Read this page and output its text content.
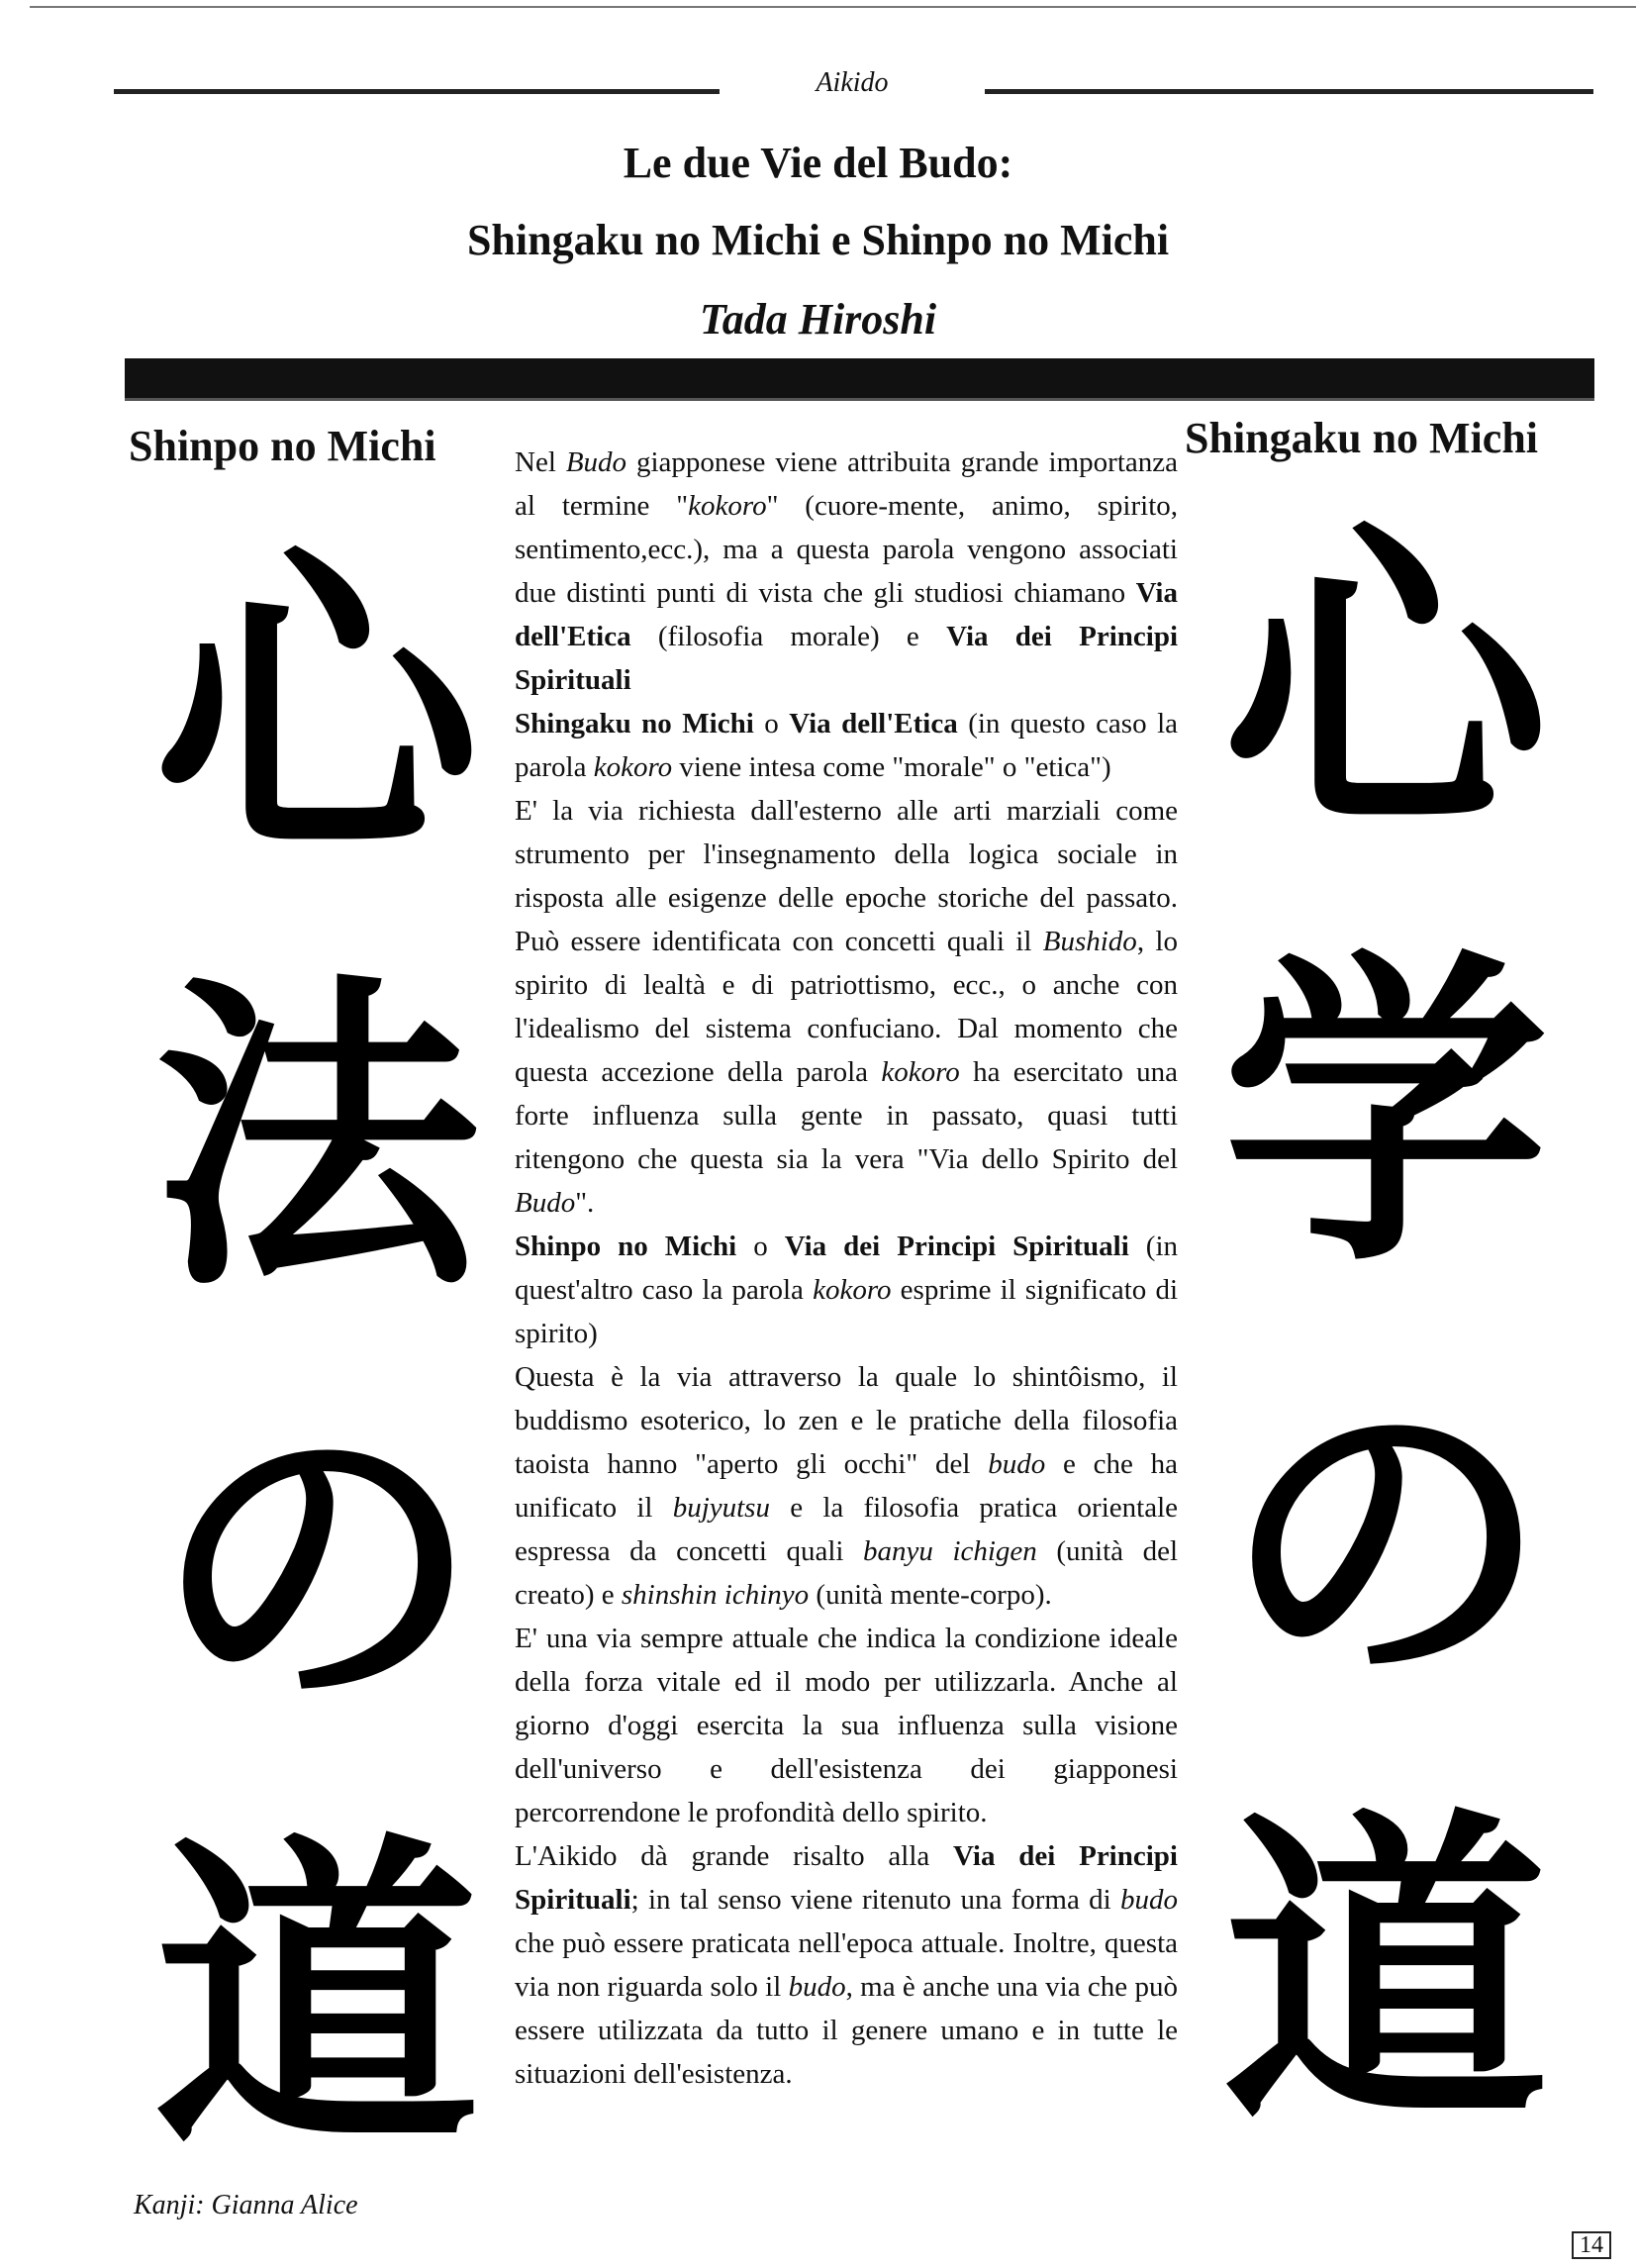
Aikido
Le due Vie del Budo:
Shingaku no Michi e Shinpo no Michi
Tada Hiroshi
Shinpo no Michi
心
法
の
道
Shingaku no Michi
心
学
の
道

Nel Budo giapponese viene attribuita grande importanza al termine "kokoro" (cuore-mente, animo, spirito, sentimento,ecc.), ma a questa parola vengono associati due distinti punti di vista che gli studiosi chiamano Via dell'Etica (filosofia morale) e Via dei Principi Spirituali

Shingaku no Michi o Via dell'Etica (in questo caso la parola kokoro viene intesa come "morale" o "etica")

E' la via richiesta dall'esterno alle arti marziali come strumento per l'insegnamento della logica sociale in risposta alle esigenze delle epoche storiche del passato. Può essere identificata con concetti quali il Bushido, lo spirito di lealtà e di patriottismo, ecc., o anche con l'idealismo del sistema confuciano. Dal momento che questa accezione della parola kokoro ha esercitato una forte influenza sulla gente in passato, quasi tutti ritengono che questa sia la vera "Via dello Spirito del Budo".

Shinpo no Michi o Via dei Principi Spirituali (in quest'altro caso la parola kokoro esprime il significato di spirito)

Questa è la via attraverso la quale lo shintôismo, il buddismo esoterico, lo zen e le pratiche della filosofia taoista hanno "aperto gli occhi" del budo e che ha unificato il bujyutsu e la filosofia pratica orientale espressa da concetti quali banyu ichigen (unità del creato) e shinshin ichinyo (unità mente-corpo).

E' una via sempre attuale che indica la condizione ideale della forza vitale ed il modo per utilizzarla. Anche al giorno d'oggi esercita la sua influenza sulla visione dell'universo e dell'esistenza dei giapponesi percorrendone le profondità dello spirito.

L'Aikido dà grande risalto alla Via dei Principi Spirituali; in tal senso viene ritenuto una forma di budo che può essere praticata nell'epoca attuale. Inoltre, questa via non riguarda solo il budo, ma è anche una via che può essere utilizzata da tutto il genere umano e in tutte le situazioni dell'esistenza.

Kanji: Gianna Alice
14
